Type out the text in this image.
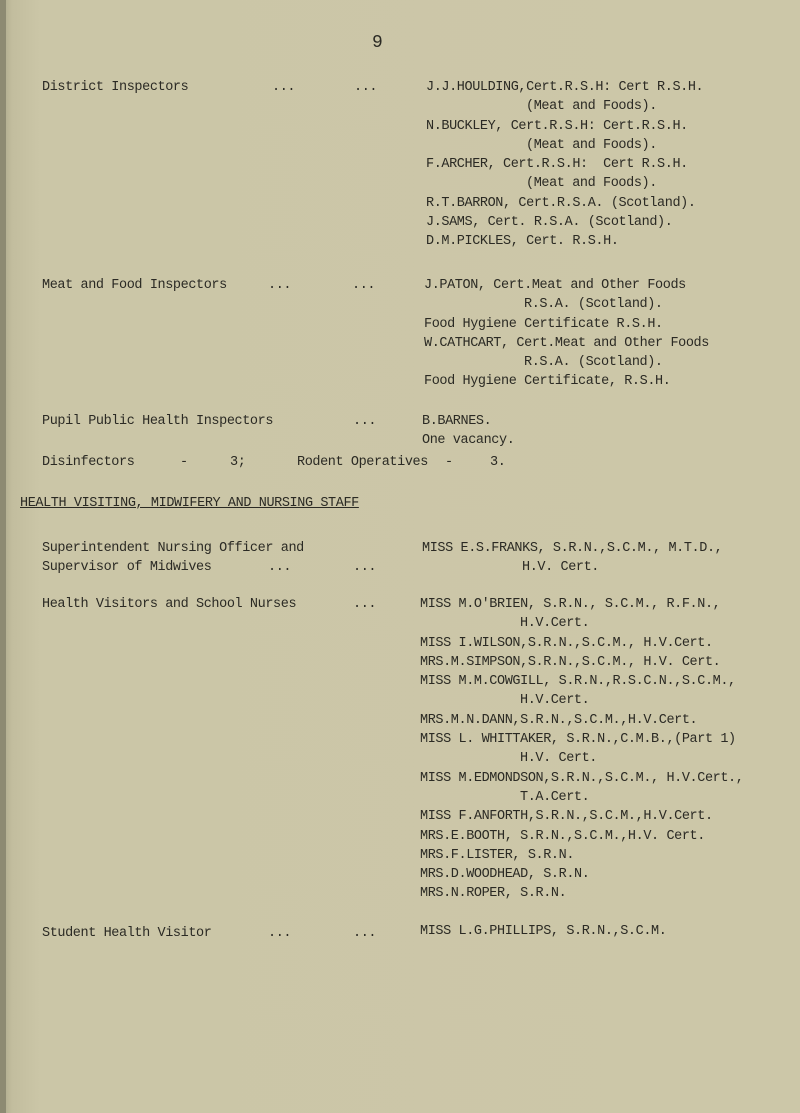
9
District Inspectors	...	...	J.J.HOULDING,Cert.R.S.H: Cert R.S.H.
(Meat and Foods).
N.BUCKLEY, Cert.R.S.H: Cert.R.S.H.
(Meat and Foods).
F.ARCHER, Cert.R.S.H:  Cert R.S.H.
(Meat and Foods).
R.T.BARRON, Cert.R.S.A. (Scotland).
J.SAMS, Cert. R.S.A. (Scotland).
D.M.PICKLES, Cert. R.S.H.
Meat and Food Inspectors	...	...	J.PATON, Cert.Meat and Other Foods
R.S.A. (Scotland).
Food Hygiene Certificate R.S.H.
W.CATHCART, Cert.Meat and Other Foods
R.S.A. (Scotland).
Food Hygiene Certificate, R.S.H.
Pupil Public Health Inspectors	...	B.BARNES.
One vacancy.
Disinfectors	-	3;	Rodent Operatives -	3.
HEALTH VISITING, MIDWIFERY AND NURSING STAFF
Superintendent Nursing Officer and
Supervisor of Midwives	...	...
MISS E.S.FRANKS, S.R.N.,S.C.M., M.T.D.,
H.V. Cert.
Health Visitors and School Nurses	...	MISS M.O'BRIEN, S.R.N., S.C.M., R.F.N.,
H.V.Cert.
MISS I.WILSON,S.R.N.,S.C.M., H.V.Cert.
MRS.M.SIMPSON,S.R.N.,S.C.M., H.V. Cert.
MISS M.M.COWGILL, S.R.N.,R.S.C.N.,S.C.M.,
H.V.Cert.
MRS.M.N.DANN,S.R.N.,S.C.M.,H.V.Cert.
MISS L. WHITTAKER, S.R.N.,C.M.B.,(Part 1)
H.V. Cert.
MISS M.EDMONDSON,S.R.N.,S.C.M., H.V.Cert.,
T.A.Cert.
MISS F.ANFORTH,S.R.N.,S.C.M.,H.V.Cert.
MRS.E.BOOTH, S.R.N.,S.C.M.,H.V. Cert.
MRS.F.LISTER, S.R.N.
MRS.D.WOODHEAD, S.R.N.
MRS.N.ROPER, S.R.N.
Student Health Visitor	...	...	MISS L.G.PHILLIPS, S.R.N.,S.C.M.
